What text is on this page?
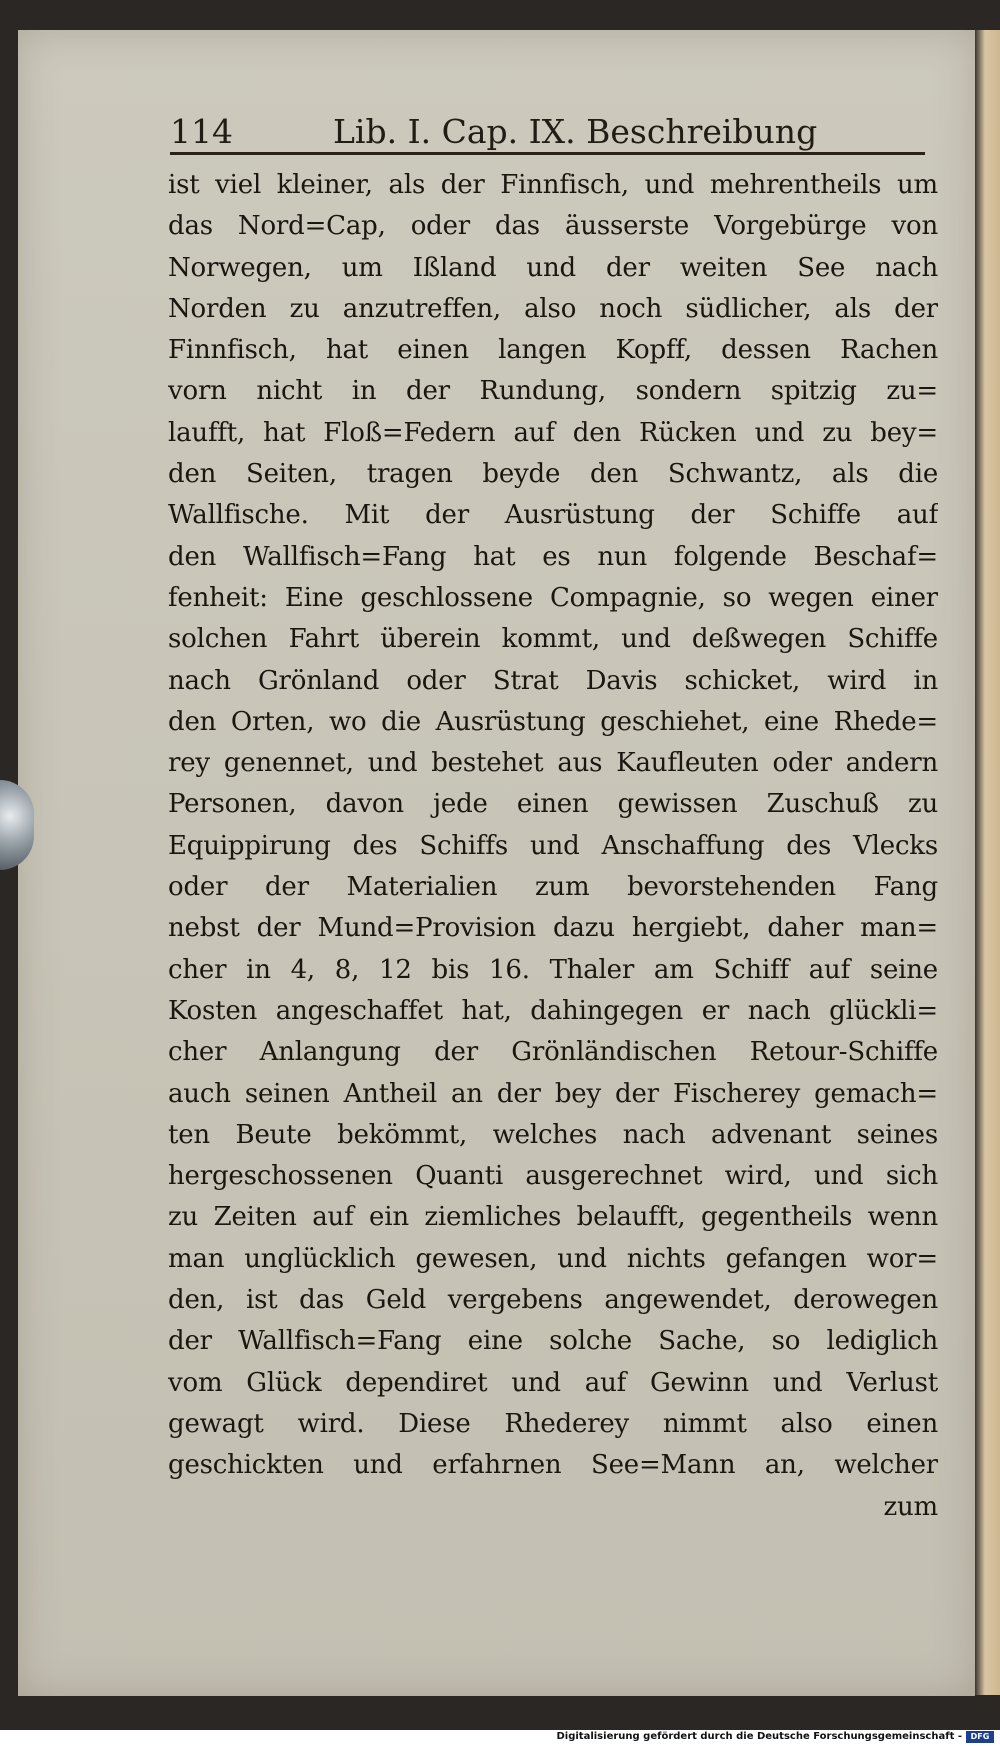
114	Lib. I. Cap. IX. Beschreibung
ist viel kleiner, als der Finnfisch, und mehrentheils um
das Nord=Cap, oder das äusserste Vorgebürge von
Norwegen, um Ißland und der weiten See nach
Norden zu anzutreffen, also noch südlicher, als der
Finnfisch, hat einen langen Kopff, dessen Rachen
vorn nicht in der Rundung, sondern spitzig zu=
laufft, hat Floß=Federn auf den Rücken und zu bey=
den Seiten, tragen beyde den Schwantz, als die
Wallfische. Mit der Ausrüstung der Schiffe auf
den Wallfisch=Fang hat es nun folgende Beschaf=
fenheit: Eine geschlossene Compagnie, so wegen einer
solchen Fahrt überein kommt, und deßwegen Schiffe
nach Grönland oder Strat Davis schicket, wird in
den Orten, wo die Ausrüstung geschiehet, eine Rhede=
rey genennet, und bestehet aus Kaufleuten oder andern
Personen, davon jede einen gewissen Zuschuß zu
Equippirung des Schiffs und Anschaffung des Vlecks
oder der Materialien zum bevorstehenden Fang
nebst der Mund=Provision dazu hergiebt, daher man=
cher in 4, 8, 12 bis 16. Thaler am Schiff auf seine
Kosten angeschaffet hat, dahingegen er nach glückli=
cher Anlangung der Grönländischen Retour-Schiffe
auch seinen Antheil an der bey der Fischerey gemach=
ten Beute bekömmt, welches nach advenant seines
hergeschossenen Quanti ausgerechnet wird, und sich
zu Zeiten auf ein ziemliches belaufft, gegentheils wenn
man unglücklich gewesen, und nichts gefangen wor=
den, ist das Geld vergebens angewendet, derowegen
der Wallfisch=Fang eine solche Sache, so lediglich
vom Glück dependiret und auf Gewinn und Verlust
gewagt wird. Diese Rhederey nimmt also einen
geschickten und erfahrnen See=Mann an, welcher
zum
Digitalisierung gefördert durch die Deutsche Forschungsgemeinschaft -	DFG
